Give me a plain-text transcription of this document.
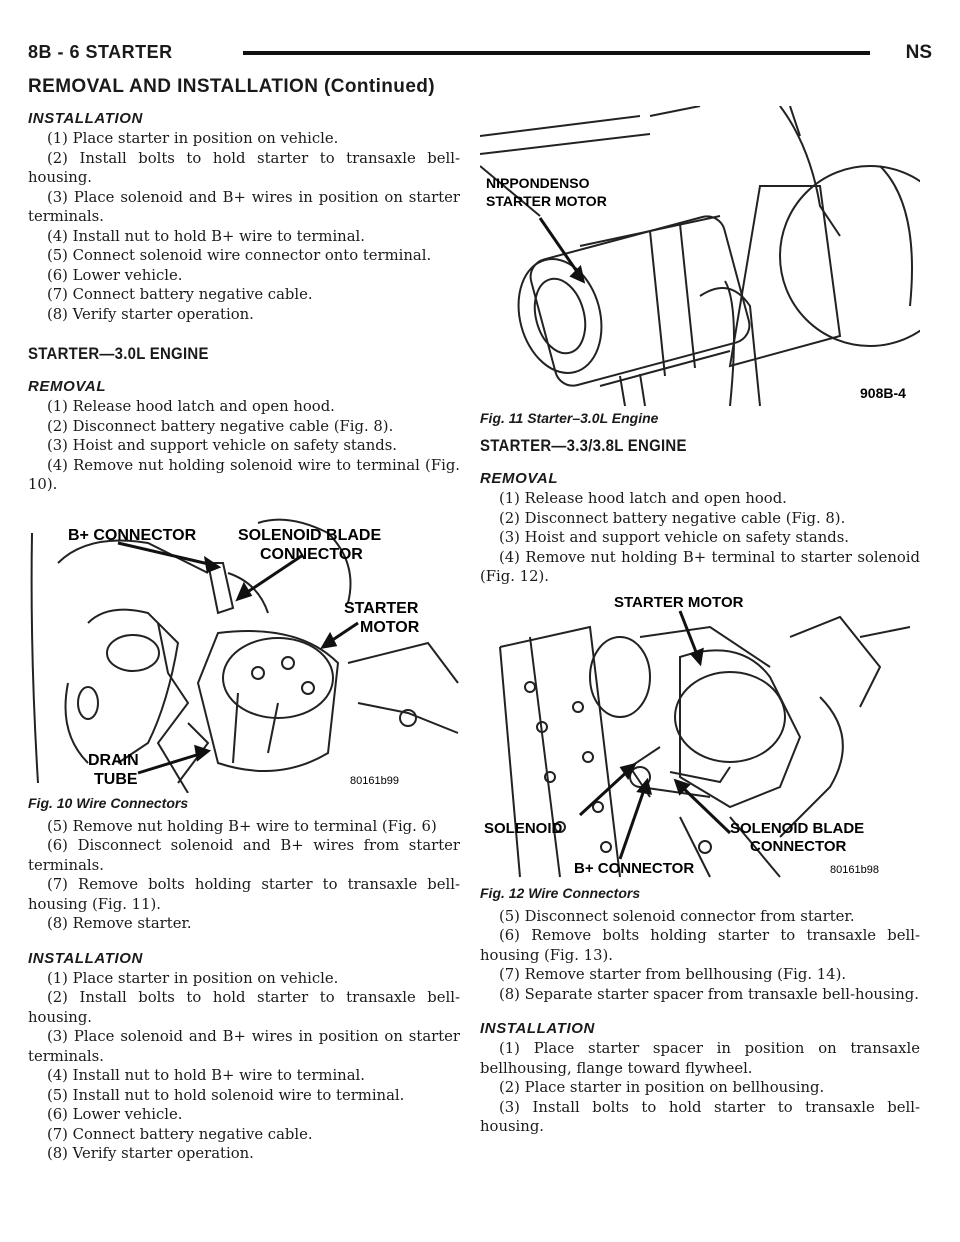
8B - 6 STARTER	NS
REMOVAL AND INSTALLATION (Continued)
INSTALLATION

(1) Place starter in position on vehicle.

(2) Install bolts to hold starter to transaxle bell-housing.

(3) Place solenoid and B+ wires in position on starter terminals.

(4) Install nut to hold B+ wire to terminal.

(5) Connect solenoid wire connector onto terminal.

(6) Lower vehicle.

(7) Connect battery negative cable.

(8) Verify starter operation.

STARTER—3.0L ENGINE
REMOVAL

(1) Release hood latch and open hood.

(2) Disconnect battery negative cable (Fig. 8).

(3) Hoist and support vehicle on safety stands.

(4) Remove nut holding solenoid wire to terminal (Fig. 10).

B+ CONNECTOR	SOLENOID BLADE
CONNECTOR
STARTER
MOTOR
DRAIN
TUBE	80161b99
Fig. 10 Wire Connectors

(5) Remove nut holding B+ wire to terminal (Fig. 6)

(6) Disconnect solenoid and B+ wires from starter terminals.

(7) Remove bolts holding starter to transaxle bell-housing (Fig. 11).

(8) Remove starter.

INSTALLATION

(1) Place starter in position on vehicle.

(2) Install bolts to hold starter to transaxle bell-housing.

(3) Place solenoid and B+ wires in position on starter terminals.

(4) Install nut to hold B+ wire to terminal.

(5) Install nut to hold solenoid wire to terminal.

(6) Lower vehicle.

(7) Connect battery negative cable.

(8) Verify starter operation.

NIPPONDENSO
STARTER MOTOR
908B-4
Fig. 11 Starter–3.0L Engine
STARTER—3.3/3.8L ENGINE
REMOVAL

(1) Release hood latch and open hood.

(2) Disconnect battery negative cable (Fig. 8).

(3) Hoist and support vehicle on safety stands.

(4) Remove nut holding B+ terminal to starter solenoid (Fig. 12).

STARTER MOTOR
SOLENOID	SOLENOID BLADE
CONNECTOR
B+ CONNECTOR	80161b98
Fig. 12 Wire Connectors

(5) Disconnect solenoid connector from starter.

(6) Remove bolts holding starter to transaxle bell-housing (Fig. 13).

(7) Remove starter from bellhousing (Fig. 14).

(8) Separate starter spacer from transaxle bell-housing.

INSTALLATION

(1) Place starter spacer in position on transaxle bellhousing, flange toward flywheel.

(2) Place starter in position on bellhousing.

(3) Install bolts to hold starter to transaxle bell-housing.
